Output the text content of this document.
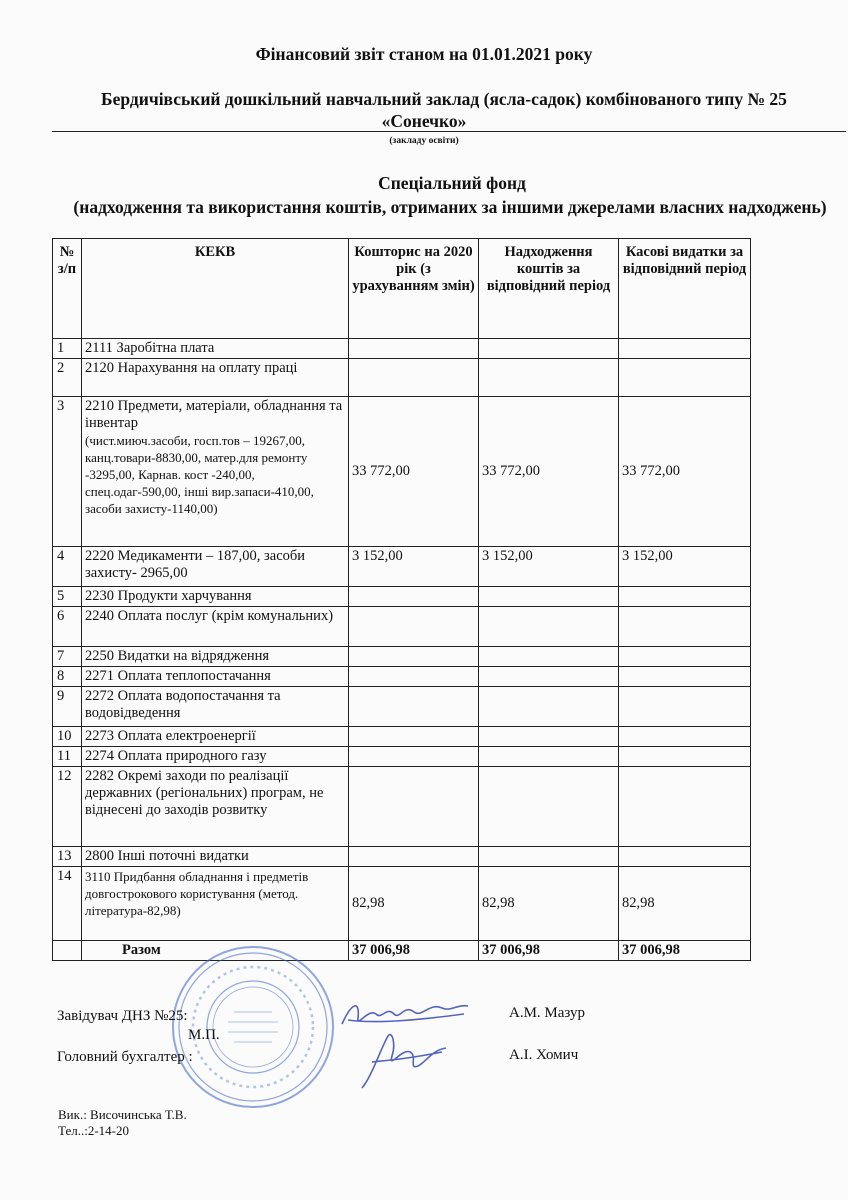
Фінансовий звіт станом на 01.01.2021 року
Бердичівський дошкільний навчальний заклад (ясла-садок) комбінованого типу № 25
«Сонечко»
(закладу освіти)
Спеціальний фонд
(надходження та використання коштів, отриманих за іншими джерелами власних надходжень)
№ з/п	КЕКВ	Кошторис на 2020 рік (з урахуванням змін)	Надходження коштів за відповідний період	Касові видатки за відповідний період
1	2111 Заробітна плата			
2	2120 Нарахування на оплату праці			
3	2210 Предмети, матеріали, обладнання та інвентар
(чист.миюч.засоби, госп.тов – 19267,00, канц.товари-8830,00, матер.для ремонту -3295,00, Карнав. кост -240,00, спец.одаг-590,00, інші вир.запаси-410,00, засоби захисту-1140,00)	33 772,00	33 772,00	33 772,00
4	2220 Медикаменти – 187,00, засоби захисту- 2965,00	3 152,00	3 152,00	3 152,00
5	2230 Продукти харчування			
6	2240 Оплата послуг (крім комунальних)			
7	2250 Видатки на відрядження			
8	2271 Оплата теплопостачання			
9	2272 Оплата водопостачання та водовідведення			
10	2273 Оплата електроенергії			
11	2274 Оплата природного газу			
12	2282 Окремі заходи по реалізації державних (регіональних) програм, не віднесені до заходів розвитку			
13	2800 Інші поточні видатки			
14	3110 Придбання обладнання і предметів довгострокового користування (метод. література-82,98)	82,98	82,98	82,98
	Разом	37 006,98	37 006,98	37 006,98
Завідувач ДНЗ №25:	А.М. Мазур
М.П.
Головний бухгалтер :	А.І. Хомич
Вик.: Височинська Т.В.
Тел..:2-14-20
